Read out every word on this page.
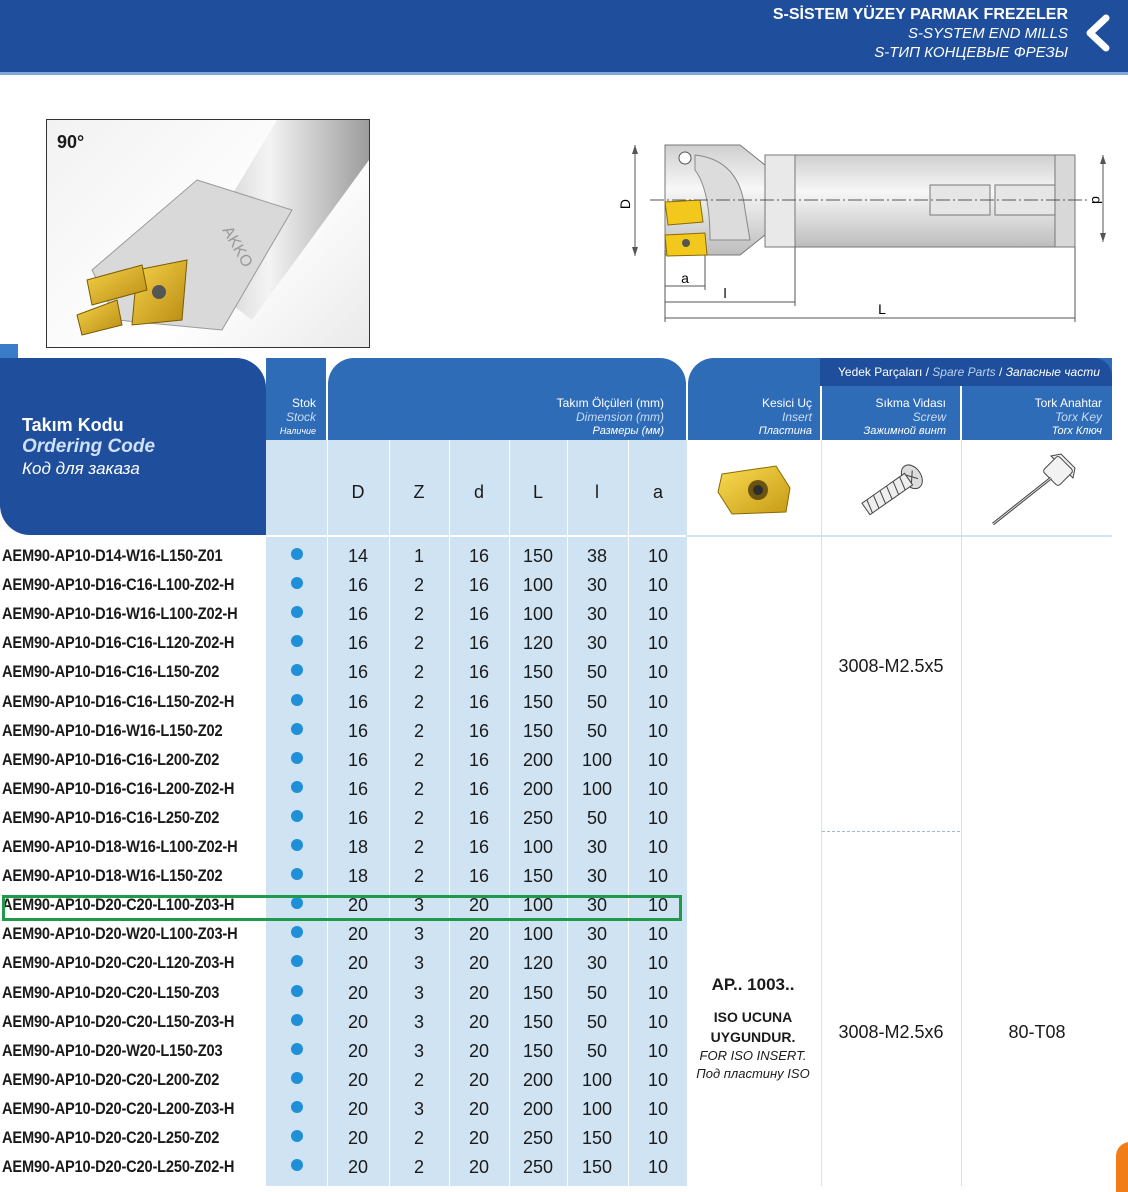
S-SİSTEM YÜZEY PARMAK FREZELER
S-SYSTEM END MILLS
S-ТИП КОНЦЕВЫЕ ФРЕЗЫ
AKKO
90°
D	d
a
l
L
Takım Kodu
Ordering Code
Код для заказа
Stok
Stock
Наличие
Takım Ölçüleri (mm)
Dimension (mm)
Размеры (мм)
Kesici Uç
Insert
Пластина
Sıkma Vidası
Screw
Зажимной винт
Tork Anahtar
Torx Key
Torx Ключ
Yedek Parçaları / Spare Parts / Запасные части
D	Z	d	L	l	a
AEM90-AP10-D14-W16-L150-Z01	14	1	16	150	38	10
AEM90-AP10-D16-C16-L100-Z02-H	16	2	16	100	30	10
AEM90-AP10-D16-W16-L100-Z02-H	16	2	16	100	30	10
AEM90-AP10-D16-C16-L120-Z02-H	16	2	16	120	30	10
AEM90-AP10-D16-C16-L150-Z02	16	2	16	150	50	10
AEM90-AP10-D16-C16-L150-Z02-H	16	2	16	150	50	10
AEM90-AP10-D16-W16-L150-Z02	16	2	16	150	50	10
AEM90-AP10-D16-C16-L200-Z02	16	2	16	200	100	10
AEM90-AP10-D16-C16-L200-Z02-H	16	2	16	200	100	10
AEM90-AP10-D16-C16-L250-Z02	16	2	16	250	50	10
AEM90-AP10-D18-W16-L100-Z02-H	18	2	16	100	30	10
AEM90-AP10-D18-W16-L150-Z02	18	2	16	150	30	10
AEM90-AP10-D20-C20-L100-Z03-H	20	3	20	100	30	10
AEM90-AP10-D20-W20-L100-Z03-H	20	3	20	100	30	10
AEM90-AP10-D20-C20-L120-Z03-H	20	3	20	120	30	10
AEM90-AP10-D20-C20-L150-Z03	20	3	20	150	50	10
AEM90-AP10-D20-C20-L150-Z03-H	20	3	20	150	50	10
AEM90-AP10-D20-W20-L150-Z03	20	3	20	150	50	10
AEM90-AP10-D20-C20-L200-Z02	20	2	20	200	100	10
AEM90-AP10-D20-C20-L200-Z03-H	20	3	20	200	100	10
AEM90-AP10-D20-C20-L250-Z02	20	2	20	250	150	10
AEM90-AP10-D20-C20-L250-Z02-H	20	2	20	250	150	10
AP.. 1003..
ISO UCUNA
UYGUNDUR.
FOR ISO INSERT.
Под пластину ISO
3008-M2.5x5
3008-M2.5x6	80-T08
